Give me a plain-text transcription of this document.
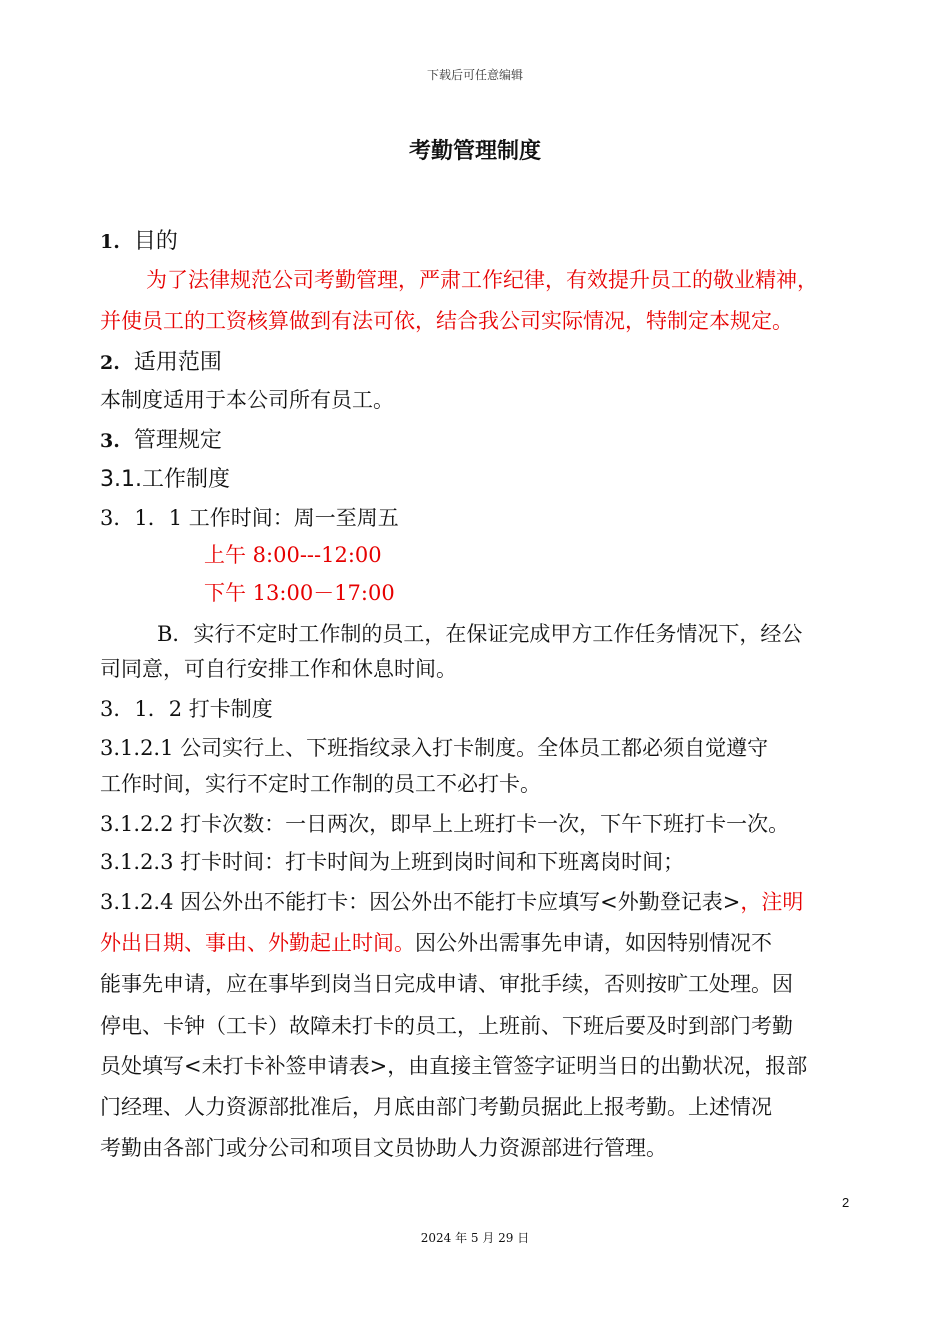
下载后可任意编辑
考勤管理制度
1. 目的
为了法律规范公司考勤管理，严肃工作纪律，有效提升员工的敬业精神，
并使员工的工资核算做到有法可依，结合我公司实际情况，特制定本规定。
2. 适用范围
本制度适用于本公司所有员工。
3. 管理规定
3.1.工作制度
3．1．1 工作时间：周一至周五
上午 8:00---12:00
下午 13:00－17:00
B．实行不定时工作制的员工，在保证完成甲方工作任务情况下，经公
司同意，可自行安排工作和休息时间。
3．1．2 打卡制度
3.1.2.1 公司实行上、下班指纹录入打卡制度。全体员工都必须自觉遵守
工作时间，实行不定时工作制的员工不必打卡。
3.1.2.2 打卡次数：一日两次，即早上上班打卡一次，下午下班打卡一次。
3.1.2.3 打卡时间：打卡时间为上班到岗时间和下班离岗时间；
3.1.2.4 因公外出不能打卡：因公外出不能打卡应填写<外勤登记表>，注明
外出日期、事由、外勤起止时间。因公外出需事先申请，如因特别情况不
能事先申请，应在事毕到岗当日完成申请、审批手续，否则按旷工处理。因
停电、卡钟（工卡）故障未打卡的员工，上班前、下班后要及时到部门考勤
员处填写<未打卡补签申请表>，由直接主管签字证明当日的出勤状况，报部
门经理、人力资源部批准后，月底由部门考勤员据此上报考勤。上述情况
考勤由各部门或分公司和项目文员协助人力资源部进行管理。
2
2024 年 5 月 29 日
